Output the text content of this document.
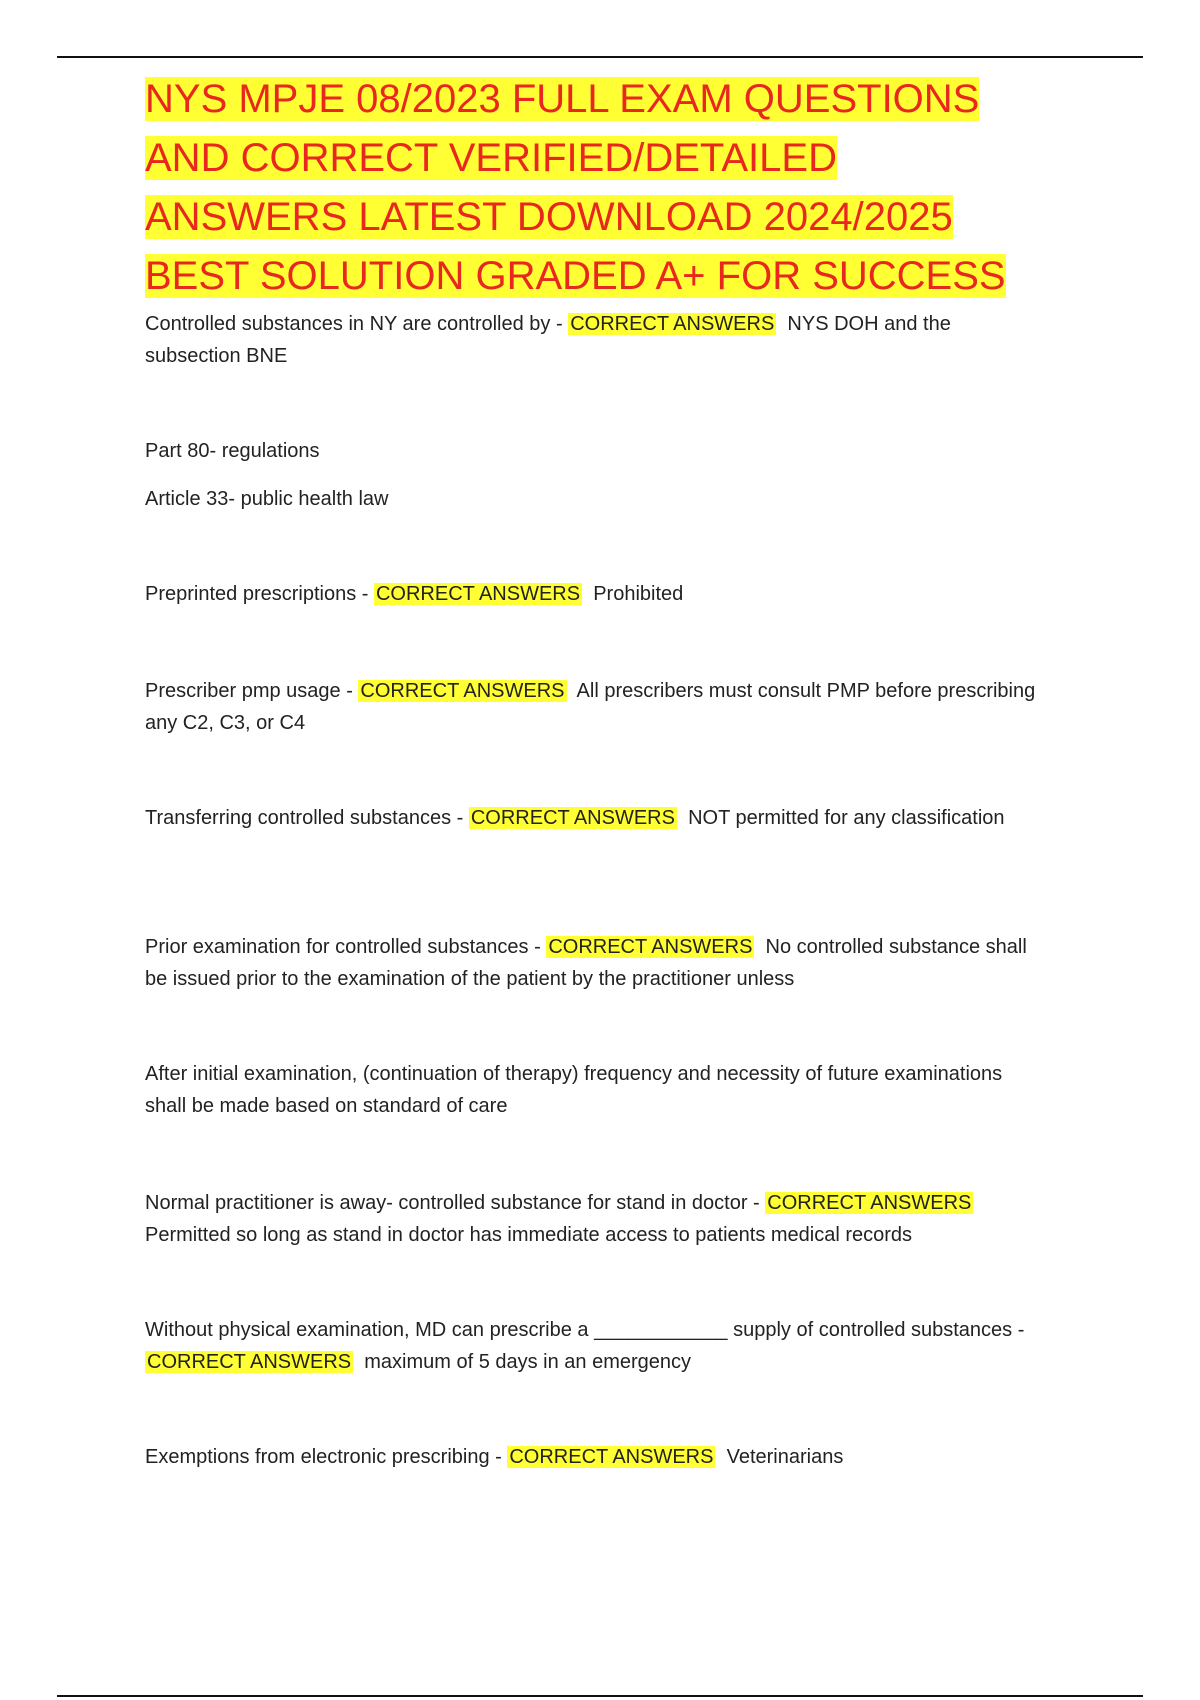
NYS MPJE 08/2023 FULL EXAM QUESTIONS AND CORRECT VERIFIED/DETAILED ANSWERS LATEST DOWNLOAD 2024/2025 BEST SOLUTION GRADED A+ FOR SUCCESS

Controlled substances in NY are controlled by - CORRECT ANSWERS NYS DOH and the subsection BNE

Part 80- regulations

Article 33- public health law

Preprinted prescriptions - CORRECT ANSWERS Prohibited

Prescriber pmp usage - CORRECT ANSWERS All prescribers must consult PMP before prescribing any C2, C3, or C4

Transferring controlled substances - CORRECT ANSWERS NOT permitted for any classification

Prior examination for controlled substances - CORRECT ANSWERS No controlled substance shall be issued prior to the examination of the patient by the practitioner unless

After initial examination, (continuation of therapy) frequency and necessity of future examinations shall be made based on standard of care

Normal practitioner is away- controlled substance for stand in doctor - CORRECT ANSWERS Permitted so long as stand in doctor has immediate access to patients medical records

Without physical examination, MD can prescribe a ____________ supply of controlled substances - CORRECT ANSWERS maximum of 5 days in an emergency

Exemptions from electronic prescribing - CORRECT ANSWERS Veterinarians
